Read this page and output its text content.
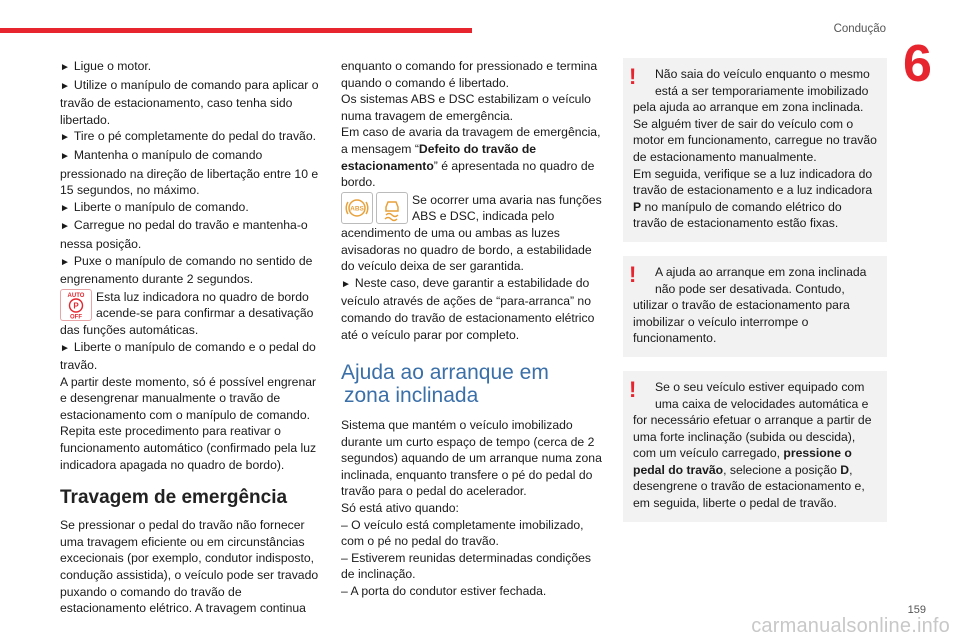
Condução
6
► Ligue o motor.
► Utilize o manípulo de comando para aplicar o travão de estacionamento, caso tenha sido libertado.
► Tire o pé completamente do pedal do travão.
► Mantenha o manípulo de comando pressionado na direção de libertação entre 10 e 15 segundos, no máximo.
► Liberte o manípulo de comando.
► Carregue no pedal do travão e mantenha-o nessa posição.
► Puxe o manípulo de comando no sentido de engrenamento durante 2 segundos.
AUTO
P
OFF
Esta luz indicadora no quadro de bordo acende-se para confirmar a desativação
das funções automáticas.
► Liberte o manípulo de comando e o pedal do travão.
A partir deste momento, só é possível engrenar e desengrenar manualmente o travão de estacionamento com o manípulo de comando.
Repita este procedimento para reativar o funcionamento automático (confirmado pela luz indicadora apagada no quadro de bordo).
Travagem de emergência
Se pressionar o pedal do travão não fornecer uma travagem eficiente ou em circunstâncias excecionais (por exemplo, condutor indisposto, condução assistida), o veículo pode ser travado puxando o comando do travão de estacionamento elétrico. A travagem continua
enquanto o comando for pressionado e termina quando o comando é libertado.
Os sistemas ABS e DSC estabilizam o veículo numa travagem de emergência.
Em caso de avaria da travagem de emergência, a mensagem “Defeito do travão de estacionamento” é apresentada no quadro de bordo.
ABS
Se ocorrer uma avaria nas funções ABS e DSC, indicada pelo
acendimento de uma ou ambas as luzes avisadoras no quadro de bordo, a estabilidade do veículo deixa de ser garantida.
► Neste caso, deve garantir a estabilidade do veículo através de ações de “para-arranca” no comando do travão de estacionamento elétrico até o veículo parar por completo.
Ajuda ao arranque em
zona inclinada
Sistema que mantém o veículo imobilizado durante um curto espaço de tempo (cerca de 2 segundos) aquando de um arranque numa zona inclinada, enquanto transfere o pé do pedal do travão para o pedal do acelerador.
Só está ativo quando:
– O veículo está completamente imobilizado, com o pé no pedal do travão.
– Estiverem reunidas determinadas condições de inclinação.
– A porta do condutor estiver fechada.
!	Não saia do veículo enquanto o mesmo está a ser temporariamente imobilizado
pela ajuda ao arranque em zona inclinada.
Se alguém tiver de sair do veículo com o motor em funcionamento, carregue no travão de estacionamento manualmente.
Em seguida, verifique se a luz indicadora do travão de estacionamento e a luz indicadora P no manípulo de comando elétrico do travão de estacionamento estão fixas.
!	A ajuda ao arranque em zona inclinada não pode ser desativada. Contudo,
utilizar o travão de estacionamento para imobilizar o veículo interrompe o funcionamento.
!	Se o seu veículo estiver equipado com uma caixa de velocidades automática e
for necessário efetuar o arranque a partir de uma forte inclinação (subida ou descida), com um veículo carregado, pressione o pedal do travão, selecione a posição D, desengrene o travão de estacionamento e, em seguida, liberte o pedal de travão.
159
carmanualsonline.info
